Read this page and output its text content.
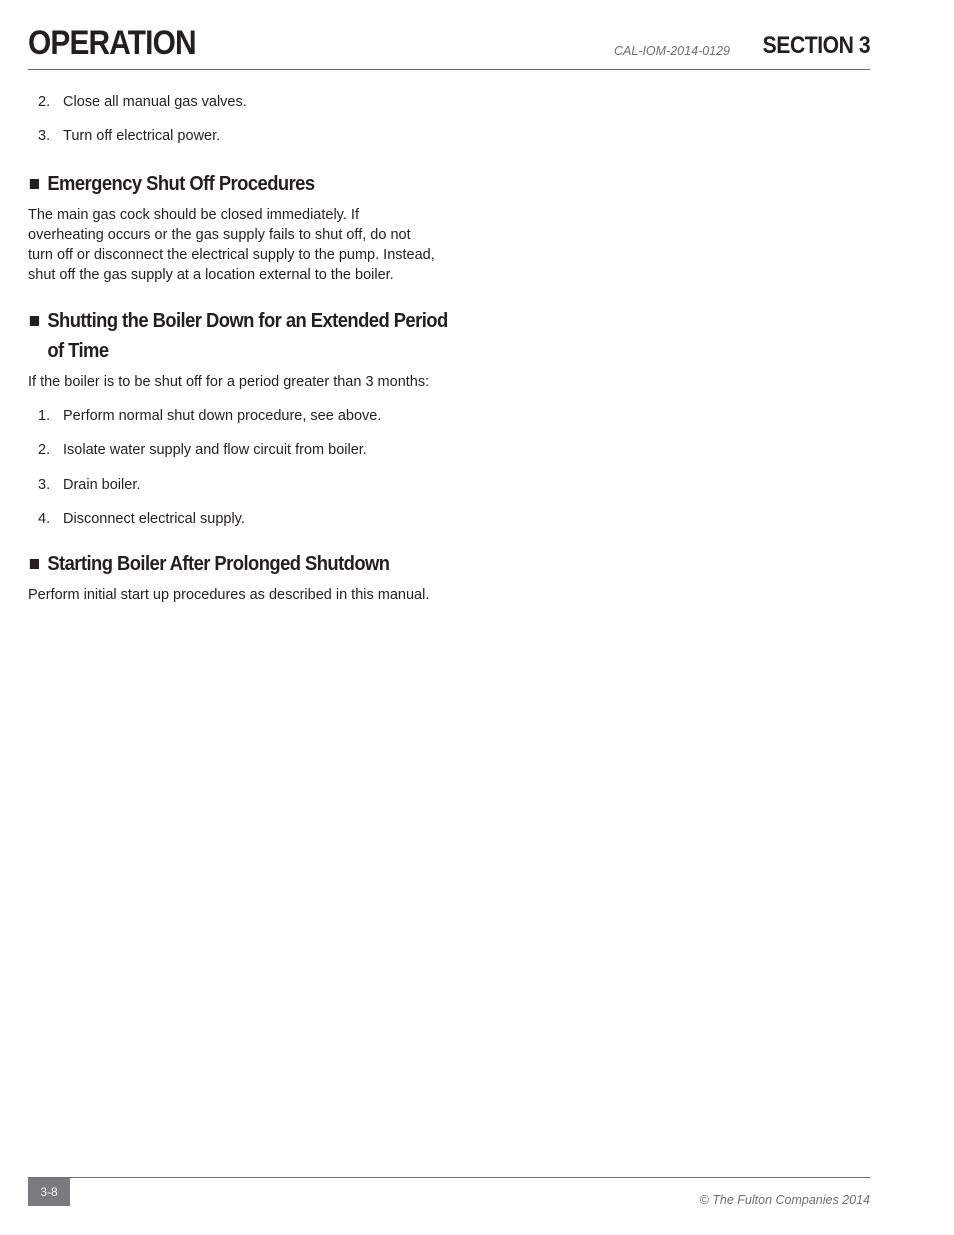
OPERATION	CAL-IOM-2014-0129 SECTION 3
2. Close all manual gas valves.
3. Turn off electrical power.
Emergency Shut Off Procedures

The main gas cock should be closed immediately. If overheating occurs or the gas supply fails to shut off, do not turn off or disconnect the electrical supply to the pump. Instead, shut off the gas supply at a location external to the boiler.

Shutting the Boiler Down for an Extended Period
of Time

If the boiler is to be shut off for a period greater than 3 months:

1. Perform normal shut down procedure, see above.
2. Isolate water supply and flow circuit from boiler.
3. Drain boiler.
4. Disconnect electrical supply.
Starting Boiler After Prolonged Shutdown

Perform initial start up procedures as described in this manual.

3-8
© The Fulton Companies 2014
